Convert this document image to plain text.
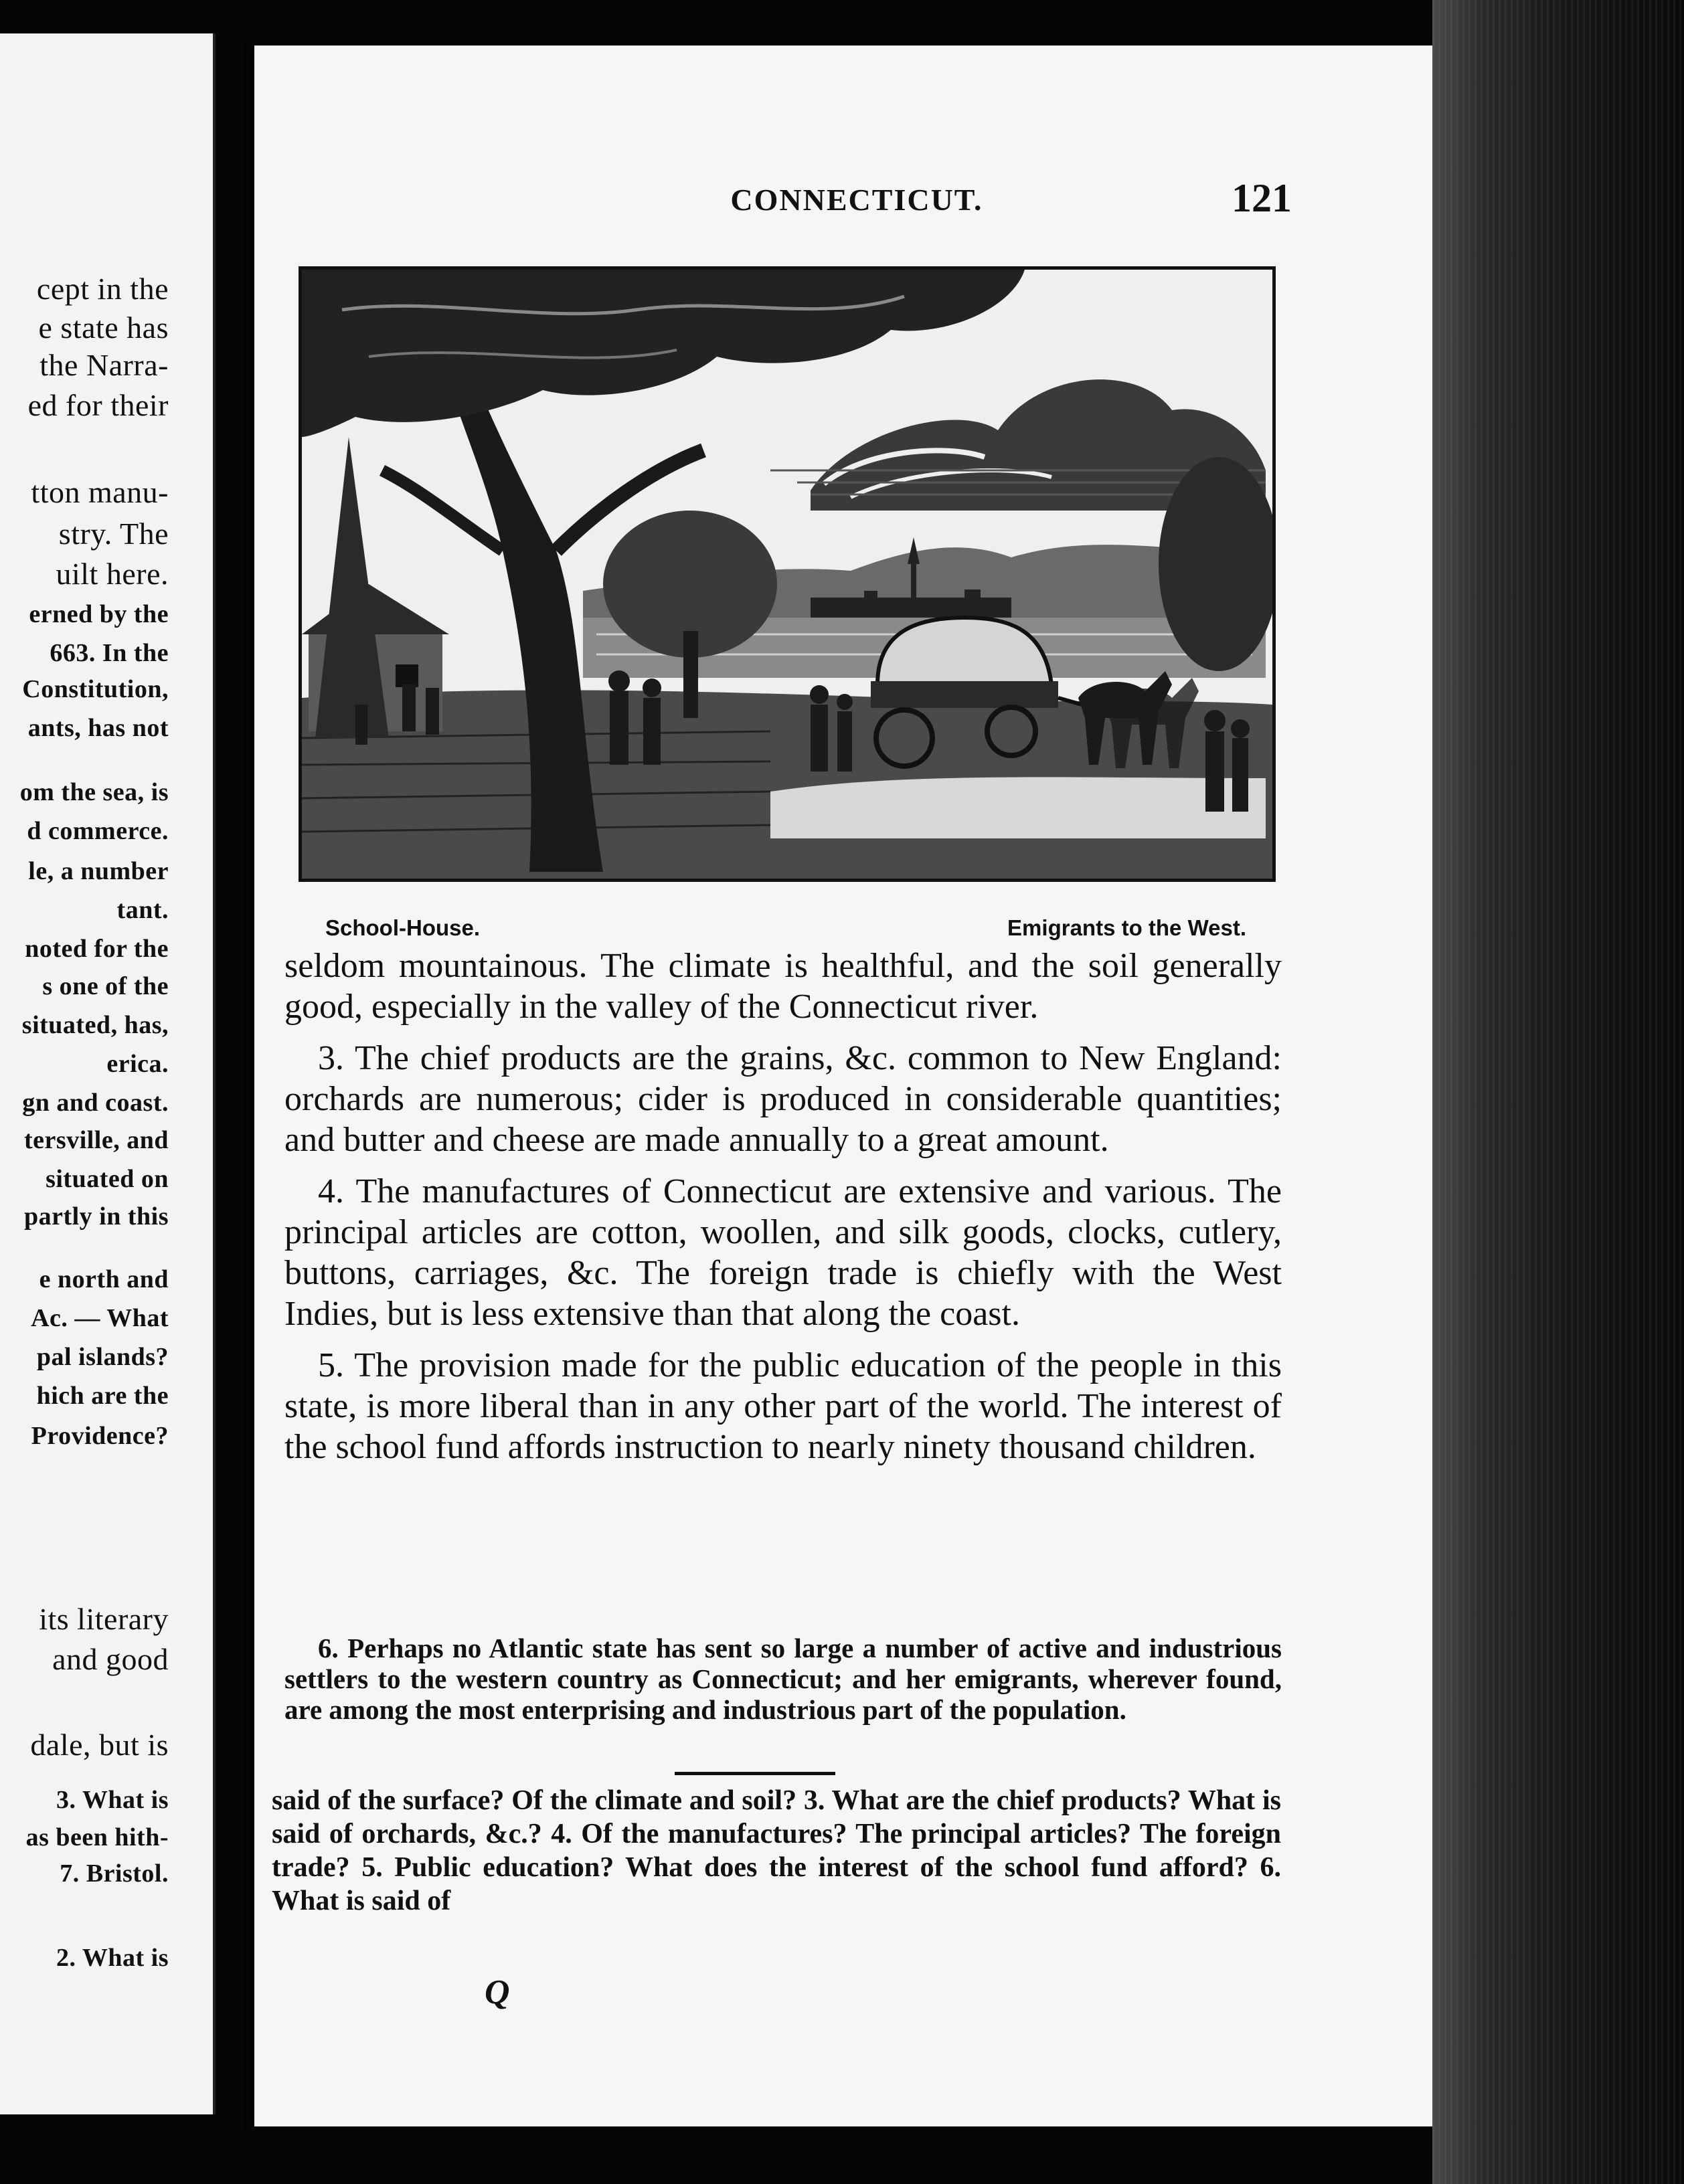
cept in the
e state has
the Narra-
ed for their
tton manu-
stry. The
uilt here.
erned by the
663. In the
Constitution,
ants, has not
om the sea, is
d commerce.
le, a number
tant.
noted for the
s one of the
situated, has,
erica.
gn and coast.
tersville, and
situated on
partly in this
e north and
Ac. — What
pal islands?
hich are the
Providence?
its literary
and good
dale, but is
3. What is
as been hith-
7. Bristol.
2. What is
CONNECTICUT.	121
School-House.	Emigrants to the West.

seldom mountainous. The climate is healthful, and the soil generally good, especially in the valley of the Connecticut river.

3. The chief products are the grains, &c. common to New England: orchards are numerous; cider is produced in considerable quantities; and butter and cheese are made annually to a great amount.

4. The manufactures of Connecticut are extensive and various. The principal articles are cotton, woollen, and silk goods, clocks, cutlery, buttons, carriages, &c. The foreign trade is chiefly with the West Indies, but is less extensive than that along the coast.

5. The provision made for the public education of the people in this state, is more liberal than in any other part of the world. The interest of the school fund affords instruction to nearly ninety thousand children.

6. Perhaps no Atlantic state has sent so large a number of active and industrious settlers to the western country as Connecticut; and her emigrants, wherever found, are among the most enterprising and industrious part of the population.
said of the surface? Of the climate and soil? 3. What are the chief products? What is said of orchards, &c.? 4. Of the manufactures? The principal articles? The foreign trade? 5. Public education? What does the interest of the school fund afford? 6. What is said of
Q
